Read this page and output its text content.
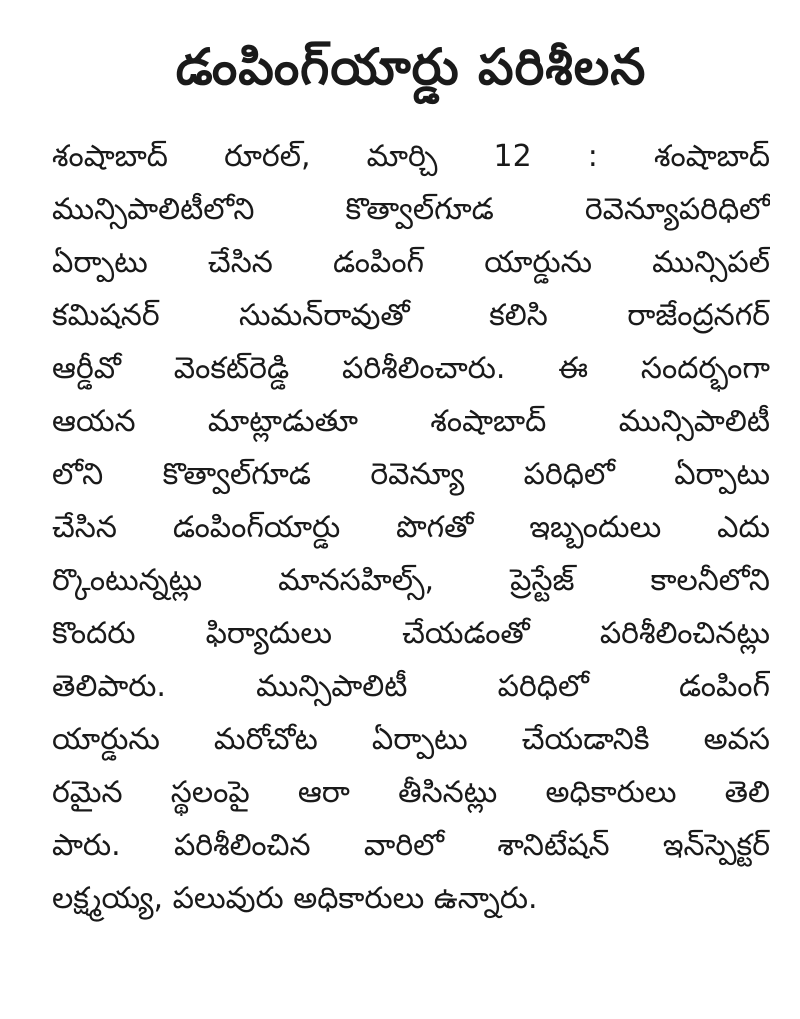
డంపింగ్‌యార్డు పరిశీలన
శంషాబాద్ రూరల్, మార్చి 12 : శంషాబాద్
మున్సిపాలిటీలోని కొత్వాల్‌గూడ రెవెన్యూపరిధిలో
ఏర్పాటు చేసిన డంపింగ్ యార్డును మున్సిపల్
కమిషనర్ సుమన్‌రావుతో కలిసి రాజేంద్రనగర్
ఆర్డీవో వెంకట్‌రెడ్డి పరిశీలించారు. ఈ సందర్భంగా
ఆయన మాట్లాడుతూ శంషాబాద్ మున్సిపాలిటీ
లోని కొత్వాల్‌గూడ రెవెన్యూ పరిధిలో ఏర్పాటు
చేసిన డంపింగ్‌యార్డు పొగతో ఇబ్బందులు ఎదు
ర్కొంటున్నట్లు మానసహిల్స్, ప్రెస్టేజ్ కాలనీలోని
కొందరు ఫిర్యాదులు చేయడంతో పరిశీలించినట్లు
తెలిపారు. మున్సిపాలిటీ పరిధిలో డంపింగ్
యార్డును మరోచోట ఏర్పాటు చేయడానికి అవస
రమైన స్థలంపై ఆరా తీసినట్లు అధికారులు తెలి
పారు. పరిశీలించిన వారిలో శానిటేషన్ ఇన్‌స్పెక్టర్
లక్ష్మయ్య, పలువురు అధికారులు ఉన్నారు.
